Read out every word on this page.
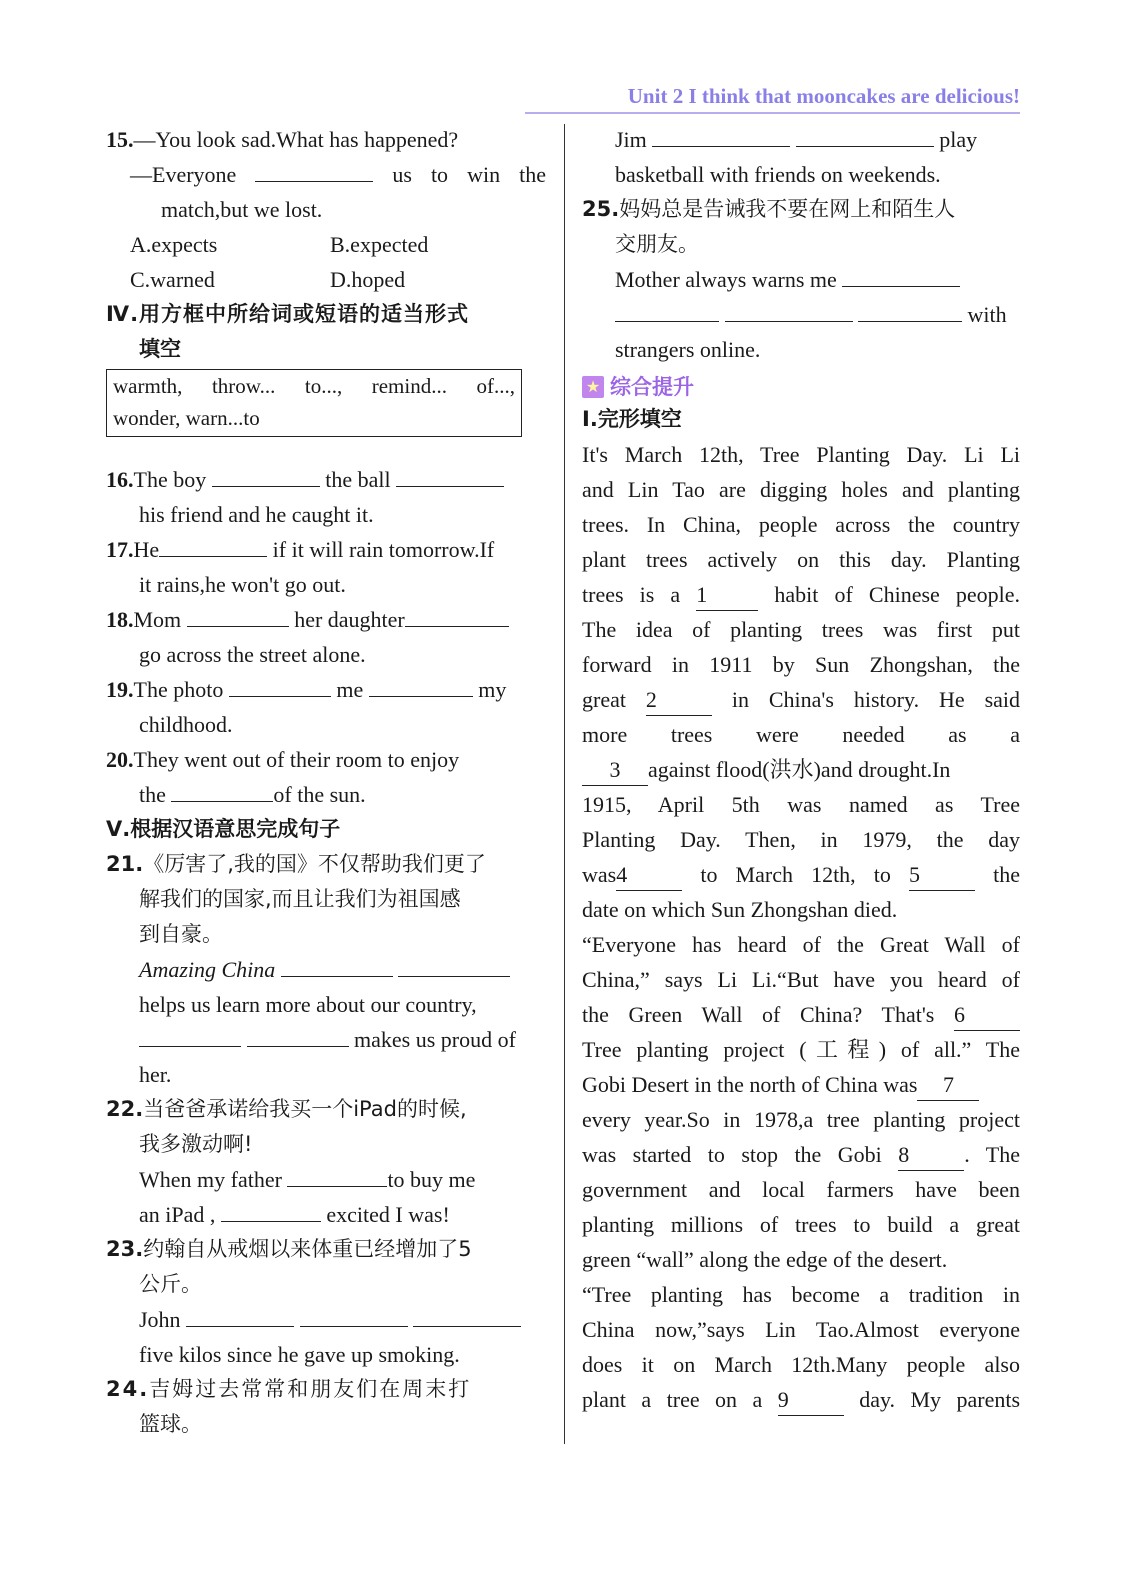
Unit 2 I think that mooncakes are delicious!
15.—You look sad.What has happened?
—Everyone	us to win the
match,but we lost.
A.expects	B.expected
C.warned	D.hoped
Ⅳ.用方框中所给词或短语的适当形式
填空
16.The boy	the ball
his friend and he caught it.
17.He	if it will rain tomorrow.If
it rains,he won't go out.
18.Mom	her daughter
go across the street alone.
19.The photo	me	my
childhood.
20.They went out of their room to enjoy
the	of the sun.
Ⅴ.根据汉语意思完成句子
21.《厉害了,我的国》不仅帮助我们更了
解我们的国家,而且让我们为祖国感
到自豪。
Amazing China
helps us learn more about our country,
makes us proud of
her.
22.当爸爸承诺给我买一个iPad的时候,
我多激动啊!
When my father	to buy me
an iPad ,	excited I was!
23.约翰自从戒烟以来体重已经增加了5
公斤。
John
five kilos since he gave up smoking.
24.吉姆过去常常和朋友们在周末打
篮球。
warmth, throw... to..., remind... of...,
wonder, warn...to
Jim	play
basketball with friends on weekends.
25.妈妈总是告诫我不要在网上和陌生人
交朋友。
Mother always warns me
with
strangers online.
★ 综合提升
Ⅰ.完形填空
It's March 12th, Tree Planting Day. Li Li
and Lin Tao are digging holes and planting
trees. In China, people across the country
plant trees actively on this day. Planting
trees is a 1	habit of Chinese people.
The idea of planting trees was first put
forward in 1911 by Sun Zhongshan, the
great 2	in China's history. He said
more trees were needed as a
3 against flood(洪水)and drought.In
1915, April 5th was named as Tree
Planting Day. Then, in 1979, the day
was4	to March 12th, to 5	the
date on which Sun Zhongshan died.
“Everyone has heard of the Great Wall of
China,” says Li Li.“But have you heard of
the Green Wall of China? That's 6
Tree planting project (工程) of all.” The
Gobi Desert in the north of China was 7
every year.So in 1978,a tree planting project
was started to stop the Gobi 8	. The
government and local farmers have been
planting millions of trees to build a great
green “wall” along the edge of the desert.
“Tree planting has become a tradition in
China now,”says Lin Tao.Almost everyone
does it on March 12th.Many people also
plant a tree on a 9	day. My parents
